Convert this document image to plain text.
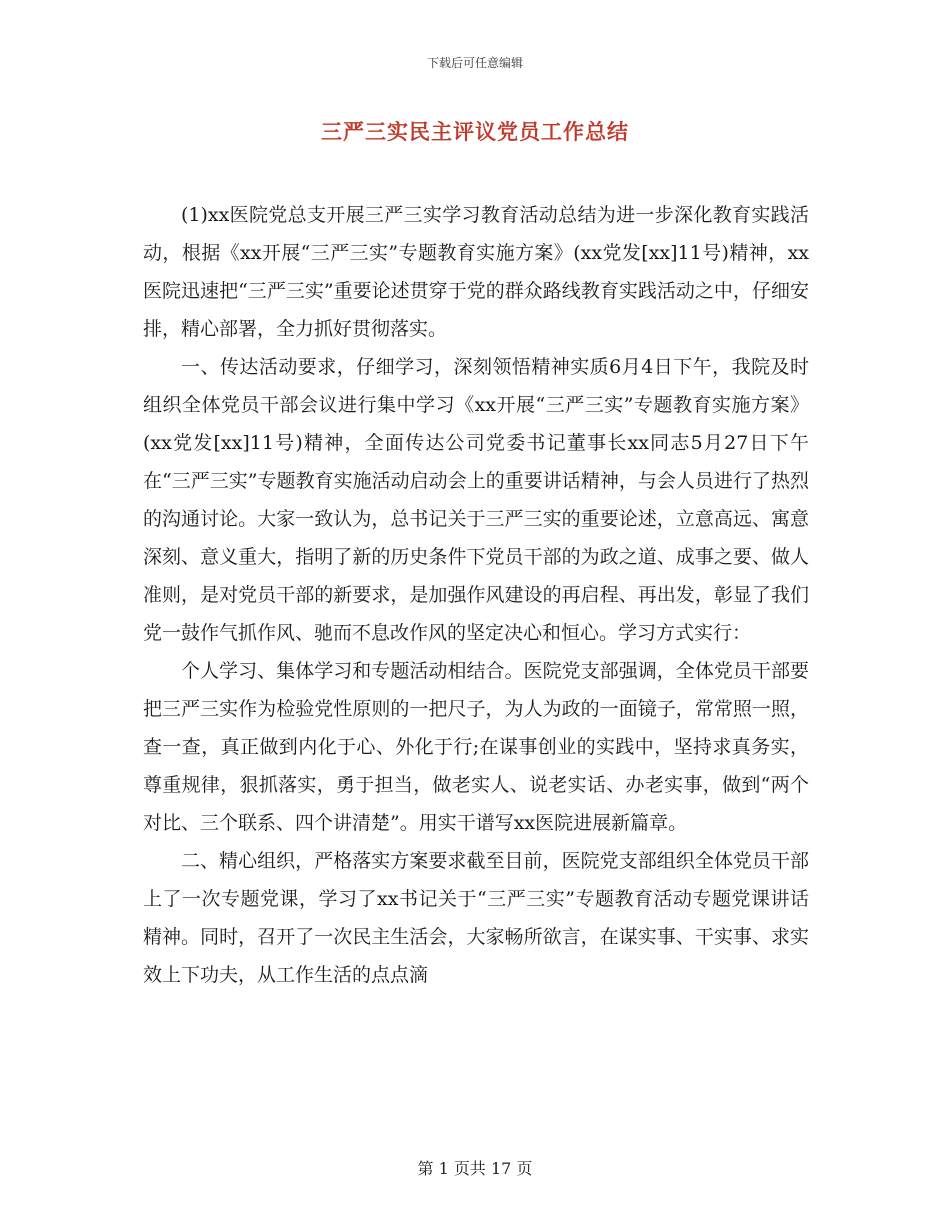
下载后可任意编辑
三严三实民主评议党员工作总结

(1)xx医院党总支开展三严三实学习教育活动总结为进一步深化教育实践活动，根据《xx开展“三严三实”专题教育实施方案》(xx党发[xx]11号)精神，xx医院迅速把“三严三实”重要论述贯穿于党的群众路线教育实践活动之中，仔细安排，精心部署，全力抓好贯彻落实。

一、传达活动要求，仔细学习，深刻领悟精神实质6月4日下午，我院及时组织全体党员干部会议进行集中学习《xx开展“三严三实”专题教育实施方案》(xx党发[xx]11号)精神，全面传达公司党委书记董事长xx同志5月27日下午在“三严三实”专题教育实施活动启动会上的重要讲话精神，与会人员进行了热烈的沟通讨论。大家一致认为，总书记关于三严三实的重要论述，立意高远、寓意深刻、意义重大，指明了新的历史条件下党员干部的为政之道、成事之要、做人准则，是对党员干部的新要求，是加强作风建设的再启程、再出发，彰显了我们党一鼓作气抓作风、驰而不息改作风的坚定决心和恒心。学习方式实行：

个人学习、集体学习和专题活动相结合。医院党支部强调，全体党员干部要把三严三实作为检验党性原则的一把尺子，为人为政的一面镜子，常常照一照，查一查，真正做到内化于心、外化于行;在谋事创业的实践中，坚持求真务实，尊重规律，狠抓落实，勇于担当，做老实人、说老实话、办老实事，做到“两个对比、三个联系、四个讲清楚”。用实干谱写xx医院进展新篇章。

二、精心组织，严格落实方案要求截至目前，医院党支部组织全体党员干部上了一次专题党课，学习了xx书记关于“三严三实”专题教育活动专题党课讲话精神。同时，召开了一次民主生活会，大家畅所欲言，在谋实事、干实事、求实效上下功夫，从工作生活的点点滴

第 1 页共 17 页
